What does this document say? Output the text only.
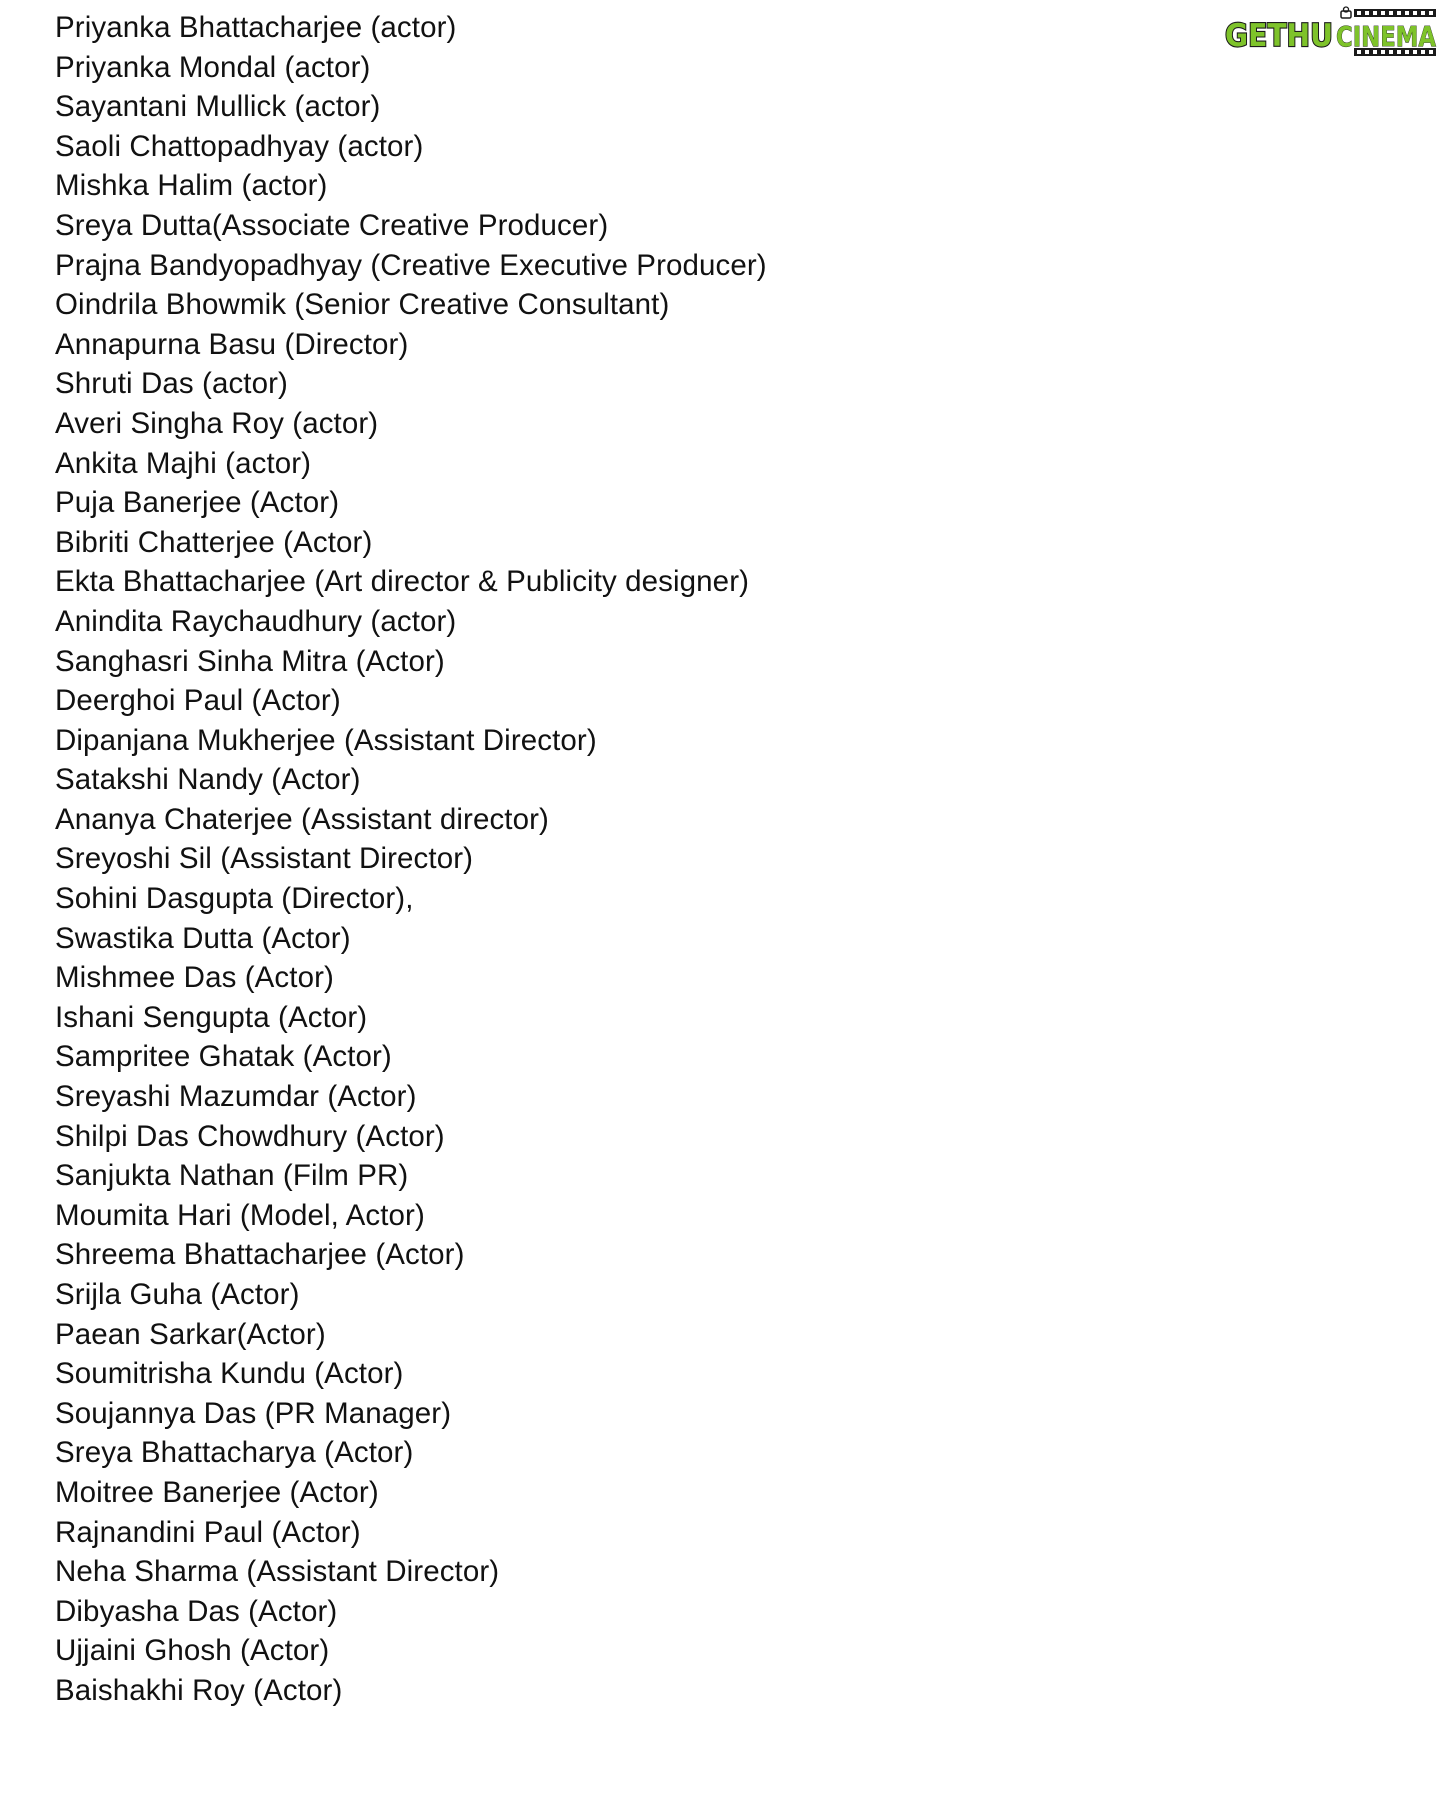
GETHU CINEMA
Priyanka Bhattacharjee (actor)
Priyanka Mondal (actor)
Sayantani Mullick (actor)
Saoli Chattopadhyay (actor)
Mishka Halim (actor)
Sreya Dutta(Associate Creative Producer)
Prajna Bandyopadhyay (Creative Executive Producer)
Oindrila Bhowmik (Senior Creative Consultant)
Annapurna Basu (Director)
Shruti Das (actor)
Averi Singha Roy (actor)
Ankita Majhi (actor)
Puja Banerjee (Actor)
Bibriti Chatterjee (Actor)
Ekta Bhattacharjee (Art director & Publicity designer)
Anindita Raychaudhury (actor)
Sanghasri Sinha Mitra (Actor)
Deerghoi Paul (Actor)
Dipanjana Mukherjee (Assistant Director)
Satakshi Nandy (Actor)
Ananya Chaterjee (Assistant director)
Sreyoshi Sil (Assistant Director)
Sohini Dasgupta (Director),
Swastika Dutta (Actor)
Mishmee Das (Actor)
Ishani Sengupta (Actor)
Sampritee Ghatak (Actor)
Sreyashi Mazumdar (Actor)
Shilpi Das Chowdhury (Actor)
Sanjukta Nathan (Film PR)
Moumita Hari (Model, Actor)
Shreema Bhattacharjee (Actor)
Srijla Guha (Actor)
Paean Sarkar(Actor)
Soumitrisha Kundu (Actor)
Soujannya Das (PR Manager)
Sreya Bhattacharya (Actor)
Moitree Banerjee (Actor)
Rajnandini Paul (Actor)
Neha Sharma (Assistant Director)
Dibyasha Das (Actor)
Ujjaini Ghosh (Actor)
Baishakhi Roy (Actor)
